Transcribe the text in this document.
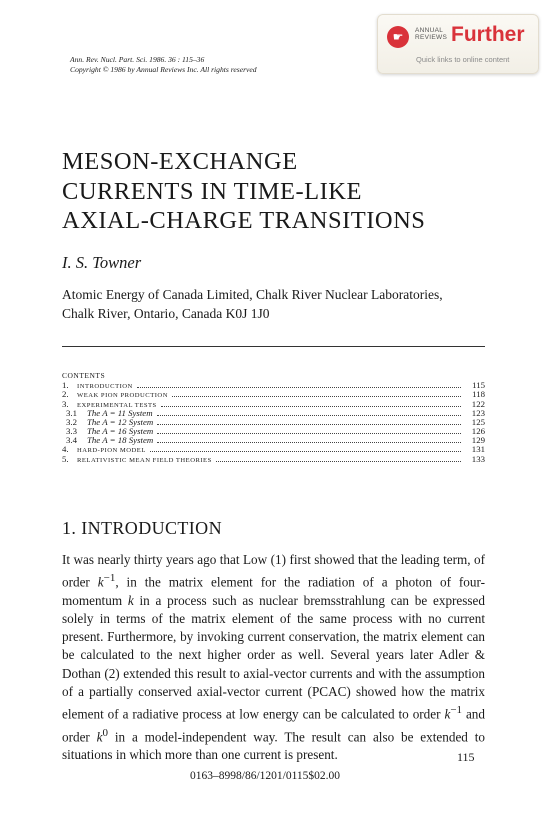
Ann. Rev. Nucl. Part. Sci. 1986. 36 : 115–36
Copyright © 1986 by Annual Reviews Inc. All rights reserved
☛	ANNUAL
REVIEWS Further
Quick links to online content
MESON-EXCHANGE
CURRENTS IN TIME-LIKE
AXIAL-CHARGE TRANSITIONS
I. S. Towner
Atomic Energy of Canada Limited, Chalk River Nuclear Laboratories,
Chalk River, Ontario, Canada K0J 1J0
CONTENTS
1.	INTRODUCTION	115
2.	WEAK PION PRODUCTION	118
3.	EXPERIMENTAL TESTS	122
3.1	The A = 11 System	123
3.2	The A = 12 System	125
3.3	The A = 16 System	126
3.4	The A = 18 System	129
4.	HARD-PION MODEL	131
5.	RELATIVISTIC MEAN FIELD THEORIES	133
1. INTRODUCTION

It was nearly thirty years ago that Low (1) first showed that the leading term, of order $k^{-1}$, in the matrix element for the radiation of a photon of four-momentum k in a process such as nuclear bremsstrahlung can be expressed solely in terms of the matrix element of the same process with no current present. Furthermore, by invoking current conservation, the matrix element can be calculated to the next higher order as well. Several years later Adler & Dothan (2) extended this result to axial-vector currents and with the assumption of a partially conserved axial-vector current (PCAC) showed how the matrix element of a radiative process at low energy can be calculated to order $k^{-1}$ and order $k^0$ in a model-independent way. The result can also be extended to situations in which more than one current is present.	115
0163–8998/86/1201/0115$02.00
